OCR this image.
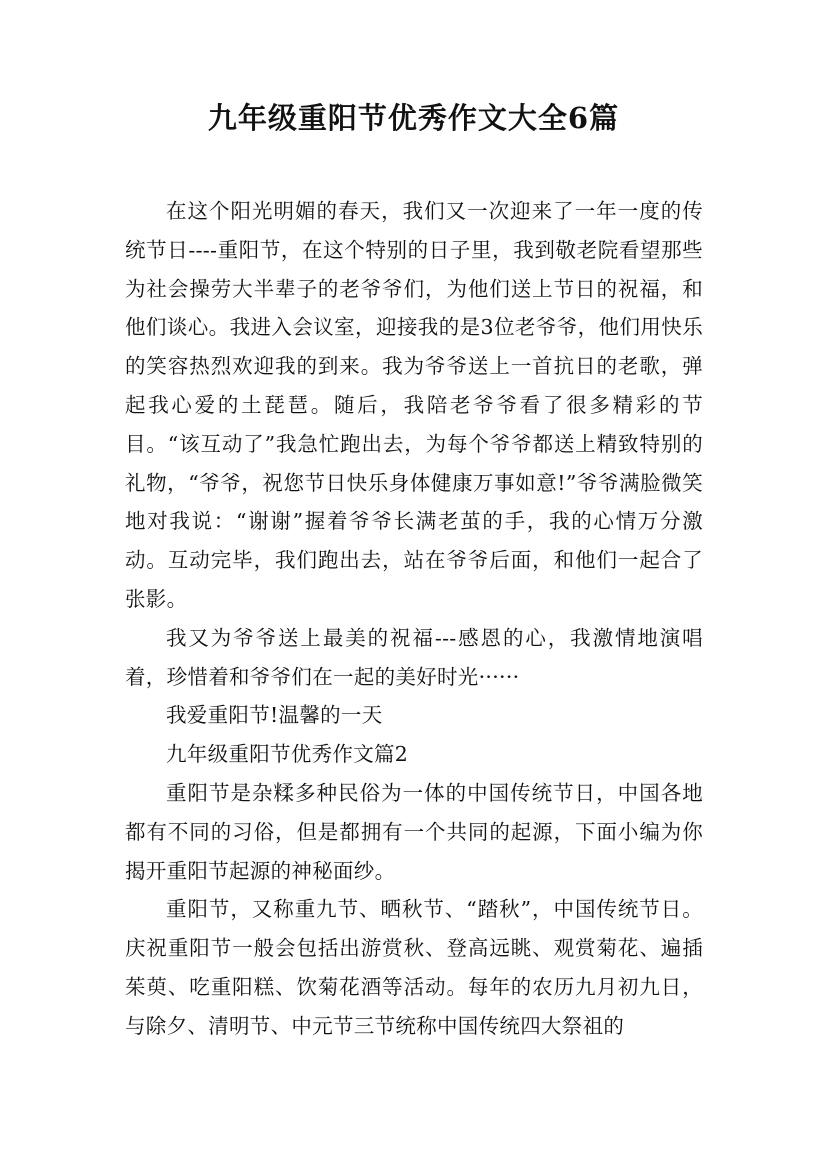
九年级重阳节优秀作文大全6篇

在这个阳光明媚的春天，我们又一次迎来了一年一度的传统节日----重阳节，在这个特别的日子里，我到敬老院看望那些为社会操劳大半辈子的老爷爷们，为他们送上节日的祝福，和他们谈心。我进入会议室，迎接我的是3位老爷爷，他们用快乐的笑容热烈欢迎我的到来。我为爷爷送上一首抗日的老歌，弹起我心爱的土琵琶。随后，我陪老爷爷看了很多精彩的节目。“该互动了”我急忙跑出去，为每个爷爷都送上精致特别的礼物，“爷爷，祝您节日快乐身体健康万事如意!”爷爷满脸微笑地对我说：“谢谢”握着爷爷长满老茧的手，我的心情万分激动。互动完毕，我们跑出去，站在爷爷后面，和他们一起合了张影。

我又为爷爷送上最美的祝福---感恩的心，我激情地演唱着，珍惜着和爷爷们在一起的美好时光······

我爱重阳节!温馨的一天

九年级重阳节优秀作文篇2

重阳节是杂糅多种民俗为一体的中国传统节日，中国各地都有不同的习俗，但是都拥有一个共同的起源，下面小编为你揭开重阳节起源的神秘面纱。

重阳节，又称重九节、晒秋节、“踏秋”，中国传统节日。庆祝重阳节一般会包括出游赏秋、登高远眺、观赏菊花、遍插茱萸、吃重阳糕、饮菊花酒等活动。每年的农历九月初九日，与除夕、清明节、中元节三节统称中国传统四大祭祖的
